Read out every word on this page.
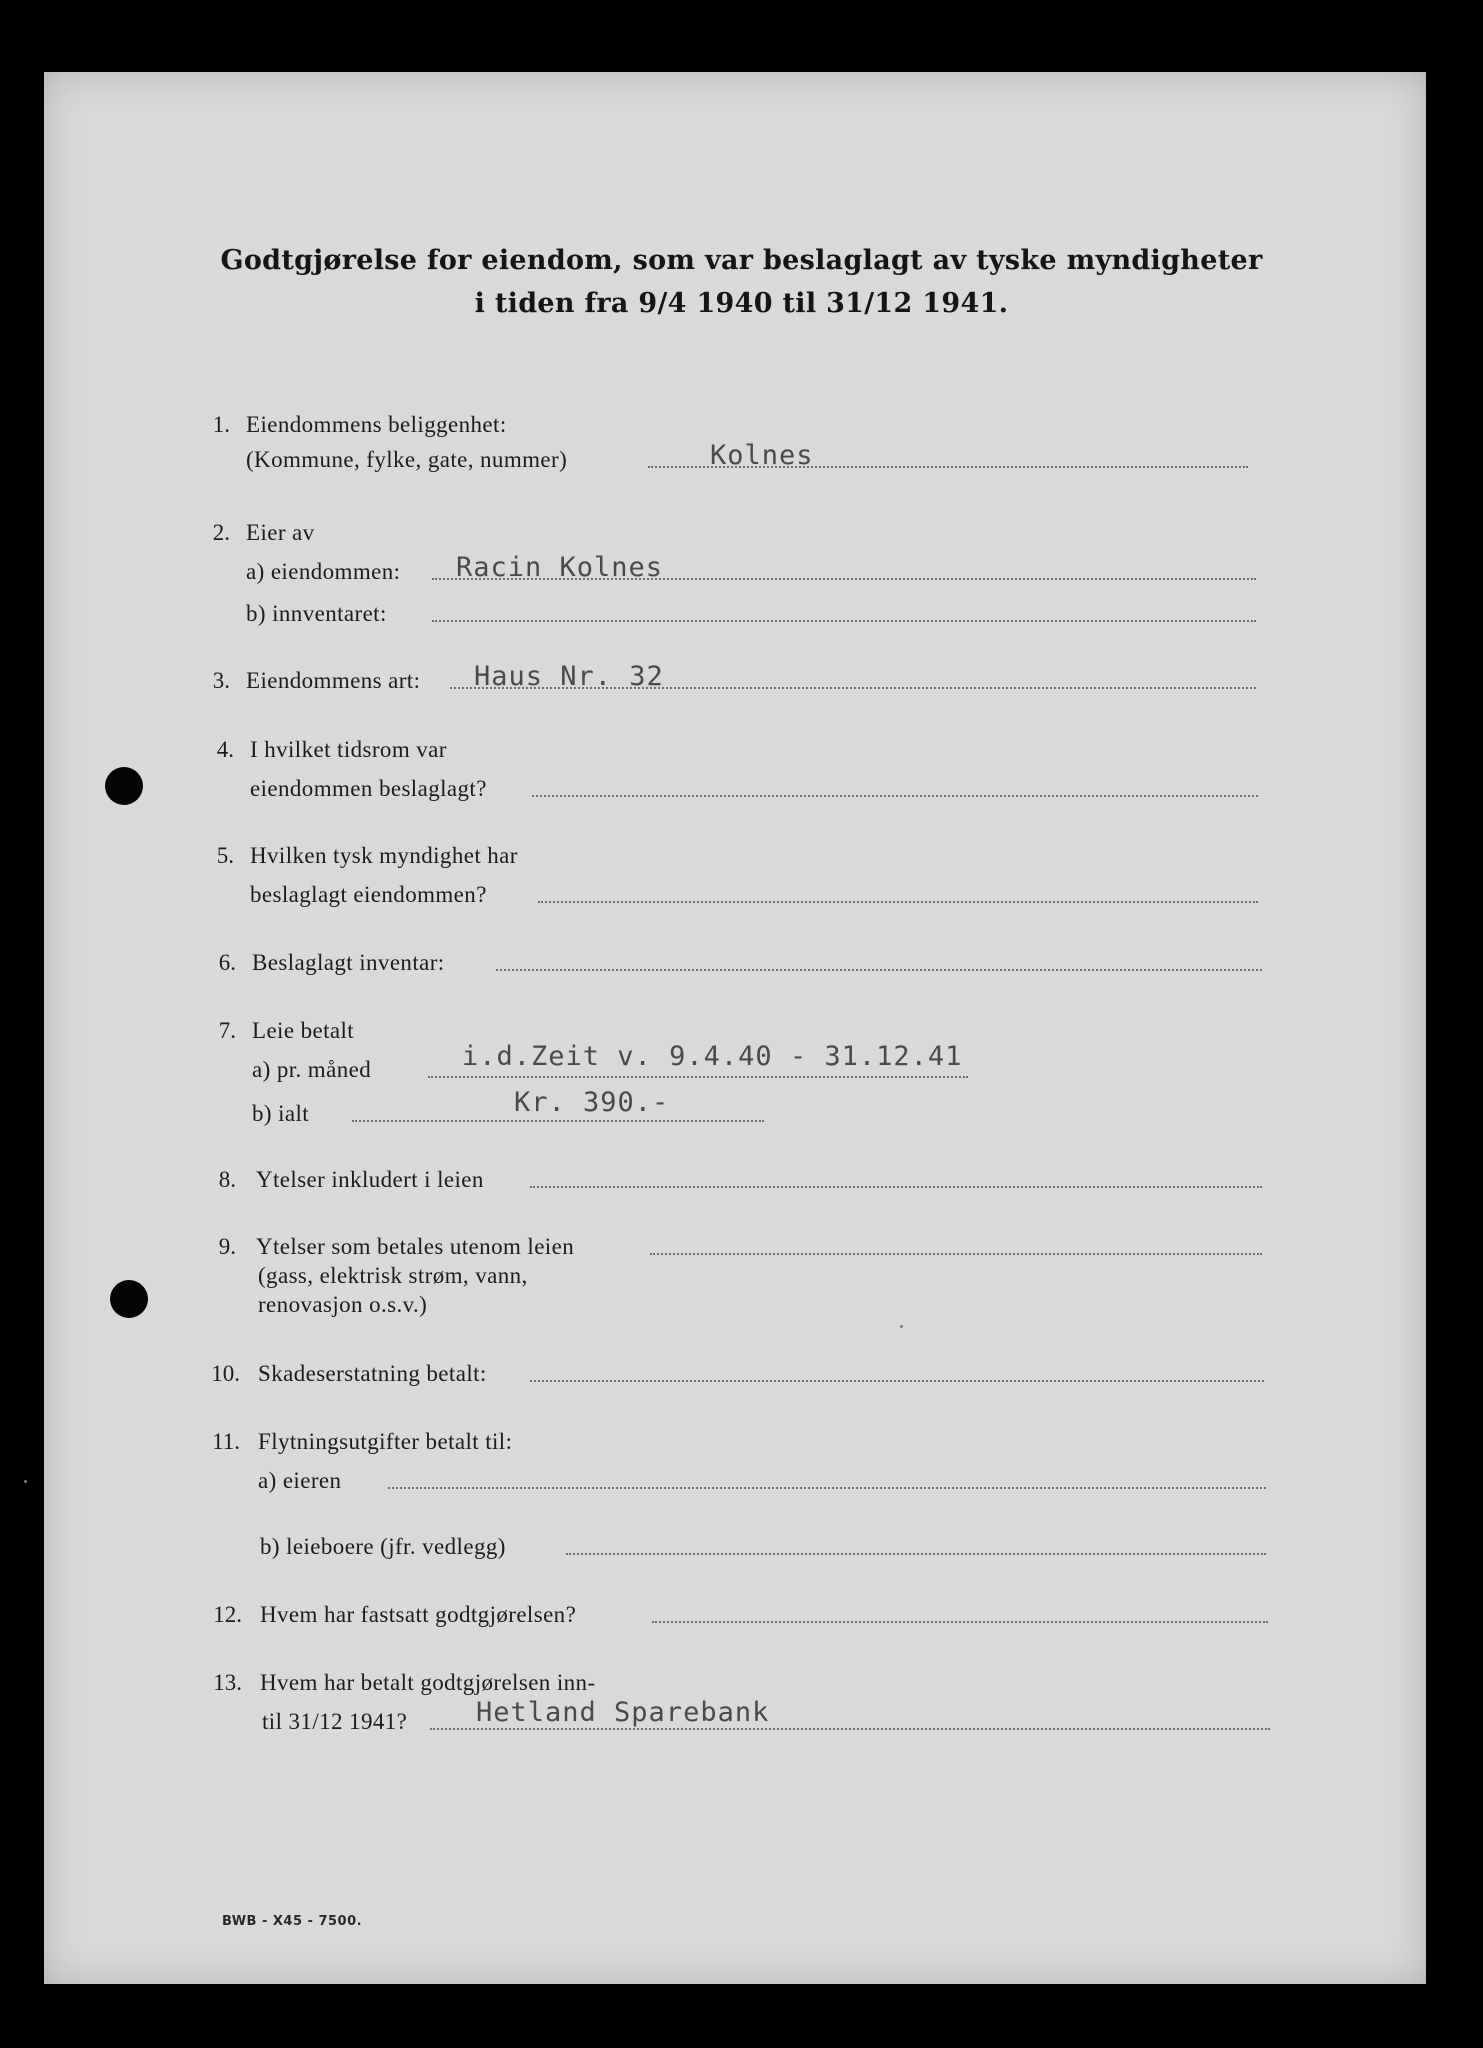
Godtgjørelse for eiendom, som var beslaglagt av tyske myndigheter
i tiden fra 9/4 1940 til 31/12 1941.
1. Eiendommens beliggenhet:
(Kommune, fylke, gate, nummer)	Kolnes
2. Eier av
a) eiendommen: Racin Kolnes
b) innventaret:
3. Eiendommens art: Haus Nr. 32
4. I hvilket tidsrom var
eiendommen beslaglagt?
5. Hvilken tysk myndighet har
beslaglagt eiendommen?
6. Beslaglagt inventar:
7. Leie betalt
a) pr. måned	i.d.Zeit v. 9.4.40 - 31.12.41
b) ialt	Kr. 390.-
8. Ytelser inkludert i leien
9. Ytelser som betales utenom leien
(gass, elektrisk strøm, vann,
renovasjon o.s.v.)
10. Skadeserstatning betalt:
11. Flytningsutgifter betalt til:
a) eieren
b) leieboere (jfr. vedlegg)
12. Hvem har fastsatt godtgjørelsen?
13. Hvem har betalt godtgjørelsen inn-
til 31/12 1941?	Hetland Sparebank
BWB - X45 - 7500.
